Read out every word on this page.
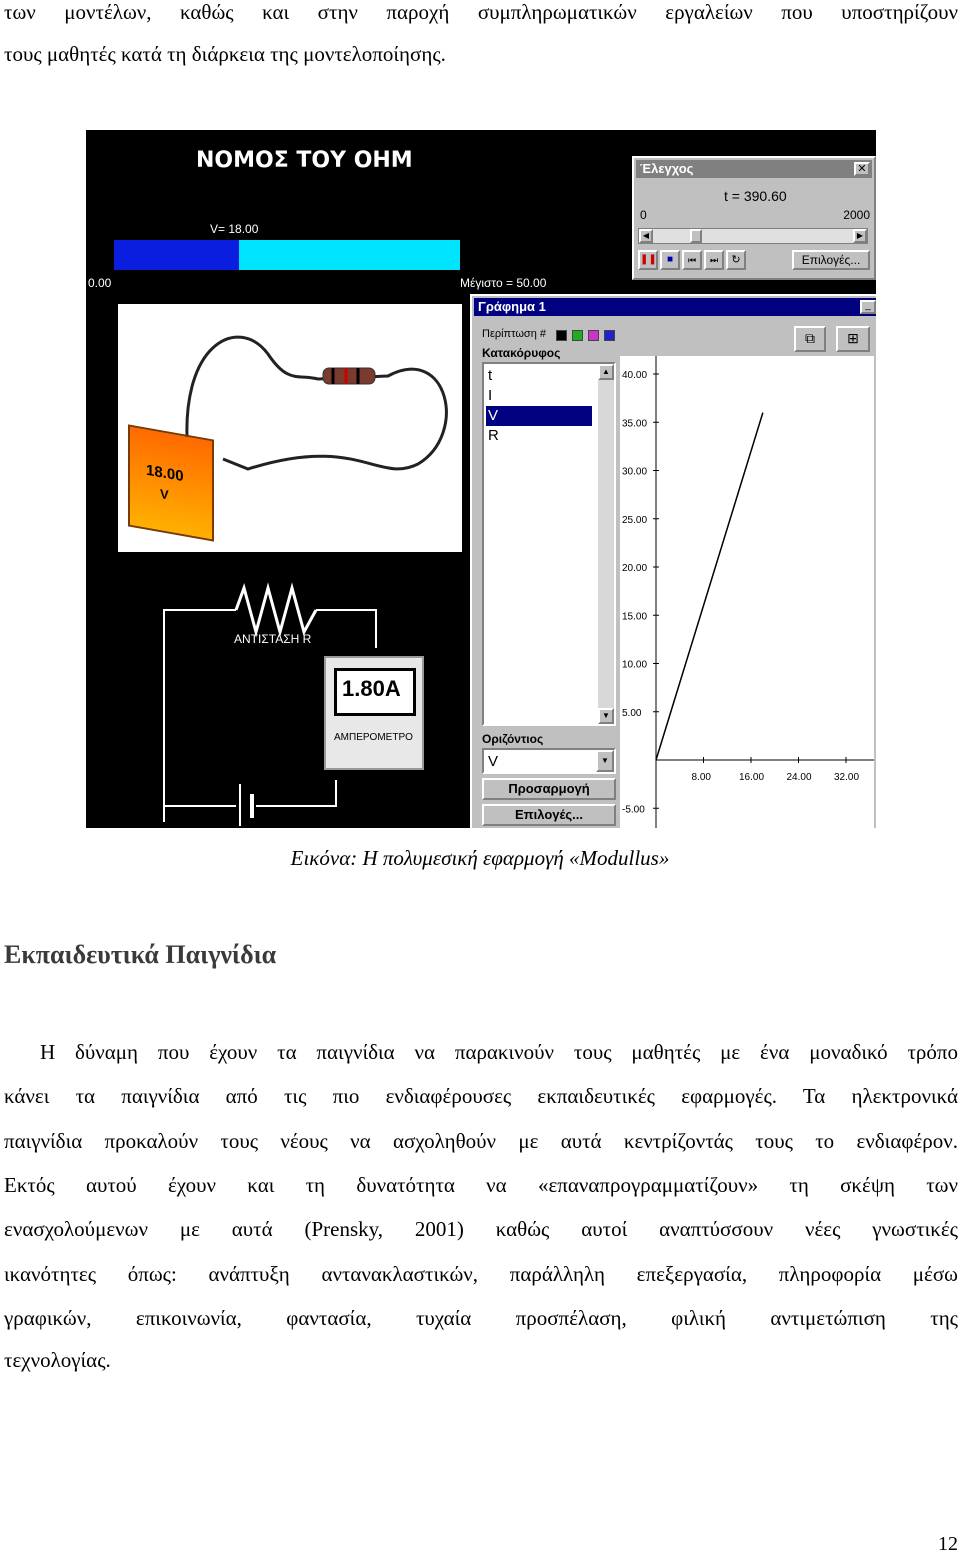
των μοντέλων, καθώς και στην παροχή συμπληρωματικών εργαλείων που υποστηρίζουν
τους μαθητές κατά τη διάρκεια της μοντελοποίησης.
ΝΟΜΟΣ ΤΟΥ ΟΗΜ
V= 18.00
0.00	Μέγιστο = 50.00
18.00
V
ΑΝΤΙΣΤΑΣΗ R
1.80A
ΑΜΠΕΡΟΜΕΤΡΟ
Έλεγχος	✕
t = 390.60
0	2000
◀	▶
❚❚	■	⏮	⏭	↻	Επιλογές...
Γράφημα 1	_
Περίπτωση #	⧉	⊞
Κατακόρυφος
t
I
V
R
▲
▼
Οριζόντιος
V	▼
Προσαρμογή
Επιλογές...
40.00
35.00
30.00
25.00
20.00
15.00
10.00
5.00
-5.00
8.00	16.00 24.00 32.00
Εικόνα: Η πολυμεσική εφαρμογή «Modullus»
Εκπαιδευτικά Παιγνίδια
Η δύναμη που έχουν τα παιγνίδια να παρακινούν τους μαθητές με ένα μοναδικό τρόπο
κάνει τα παιγνίδια από τις πιο ενδιαφέρουσες εκπαιδευτικές εφαρμογές. Τα ηλεκτρονικά
παιγνίδια προκαλούν τους νέους να ασχοληθούν με αυτά κεντρίζοντάς τους το ενδιαφέρον.
Εκτός αυτού έχουν και τη δυνατότητα να «επαναπρογραμματίζουν» τη σκέψη των
ενασχολούμενων με αυτά (Prensky, 2001) καθώς αυτοί αναπτύσσουν νέες γνωστικές
ικανότητες όπως: ανάπτυξη αντανακλαστικών, παράλληλη επεξεργασία, πληροφορία μέσω
γραφικών, επικοινωνία, φαντασία, τυχαία προσπέλαση, φιλική αντιμετώπιση της
τεχνολογίας.
12
